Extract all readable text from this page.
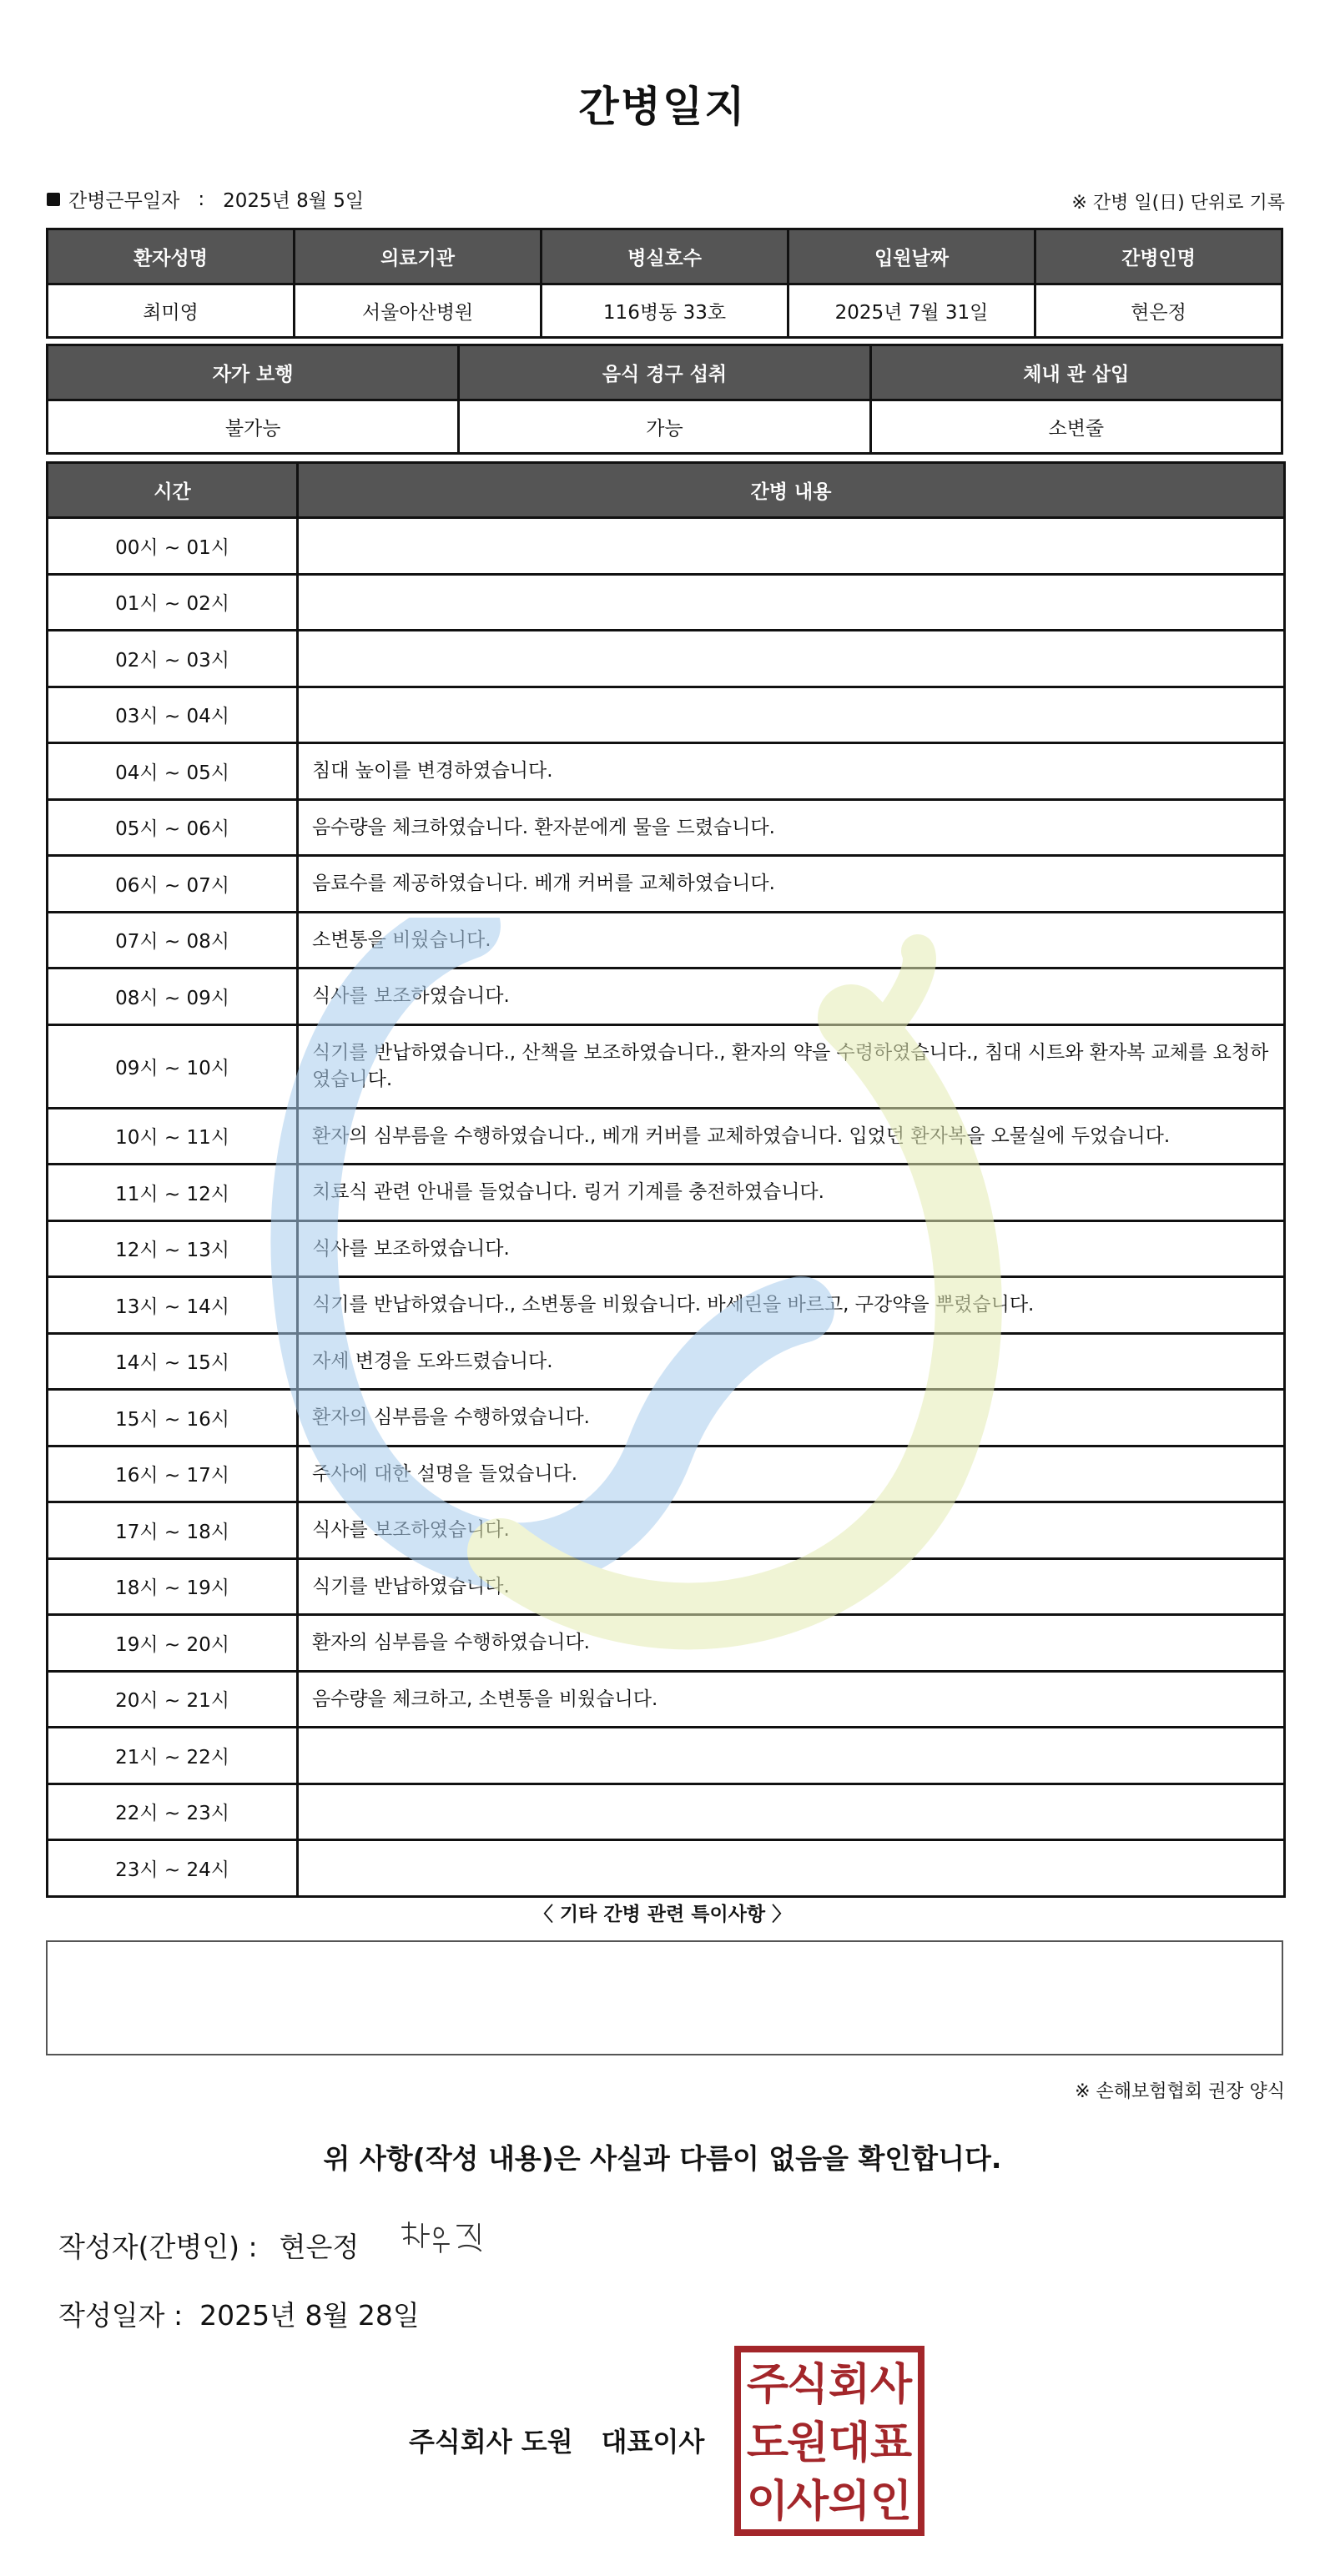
간병일지
간병근무일자 : 2025년 8월 5일	※ 간병 일(日) 단위로 기록
환자성명	의료기관	병실호수	입원날짜	간병인명
최미영	서울아산병원	116병동 33호	2025년 7월 31일	현은정
자가 보행	음식 경구 섭취	체내 관 삽입
불가능	가능	소변줄
시간	간병 내용
00시 ~ 01시	
01시 ~ 02시	
02시 ~ 03시	
03시 ~ 04시	
04시 ~ 05시	침대 높이를 변경하였습니다.
05시 ~ 06시	음수량을 체크하였습니다. 환자분에게 물을 드렸습니다.
06시 ~ 07시	음료수를 제공하였습니다. 베개 커버를 교체하였습니다.
07시 ~ 08시	소변통을 비웠습니다.
08시 ~ 09시	식사를 보조하였습니다.
09시 ~ 10시	식기를 반납하였습니다., 산책을 보조하였습니다., 환자의 약을 수령하였습니다., 침대 시트와 환자복 교체를 요청하였습니다.
10시 ~ 11시	환자의 심부름을 수행하였습니다., 베개 커버를 교체하였습니다. 입었던 환자복을 오물실에 두었습니다.
11시 ~ 12시	치료식 관련 안내를 들었습니다. 링거 기계를 충전하였습니다.
12시 ~ 13시	식사를 보조하였습니다.
13시 ~ 14시	식기를 반납하였습니다., 소변통을 비웠습니다. 바세린을 바르고, 구강약을 뿌렸습니다.
14시 ~ 15시	자세 변경을 도와드렸습니다.
15시 ~ 16시	환자의 심부름을 수행하였습니다.
16시 ~ 17시	주사에 대한 설명을 들었습니다.
17시 ~ 18시	식사를 보조하였습니다.
18시 ~ 19시	식기를 반납하였습니다.
19시 ~ 20시	환자의 심부름을 수행하였습니다.
20시 ~ 21시	음수량을 체크하고, 소변통을 비웠습니다.
21시 ~ 22시	
22시 ~ 23시	
23시 ~ 24시	
〈 기타 간병 관련 특이사항 〉
※ 손해보험협회 권장 양식
위 사항(작성 내용)은 사실과 다름이 없음을 확인합니다.
작성자(간병인) : 현은정
작성일자 : 2025년 8월 28일
주식회사 도원 대표이사
주
식 회 사
도
원 대 표
이
사 의 인
